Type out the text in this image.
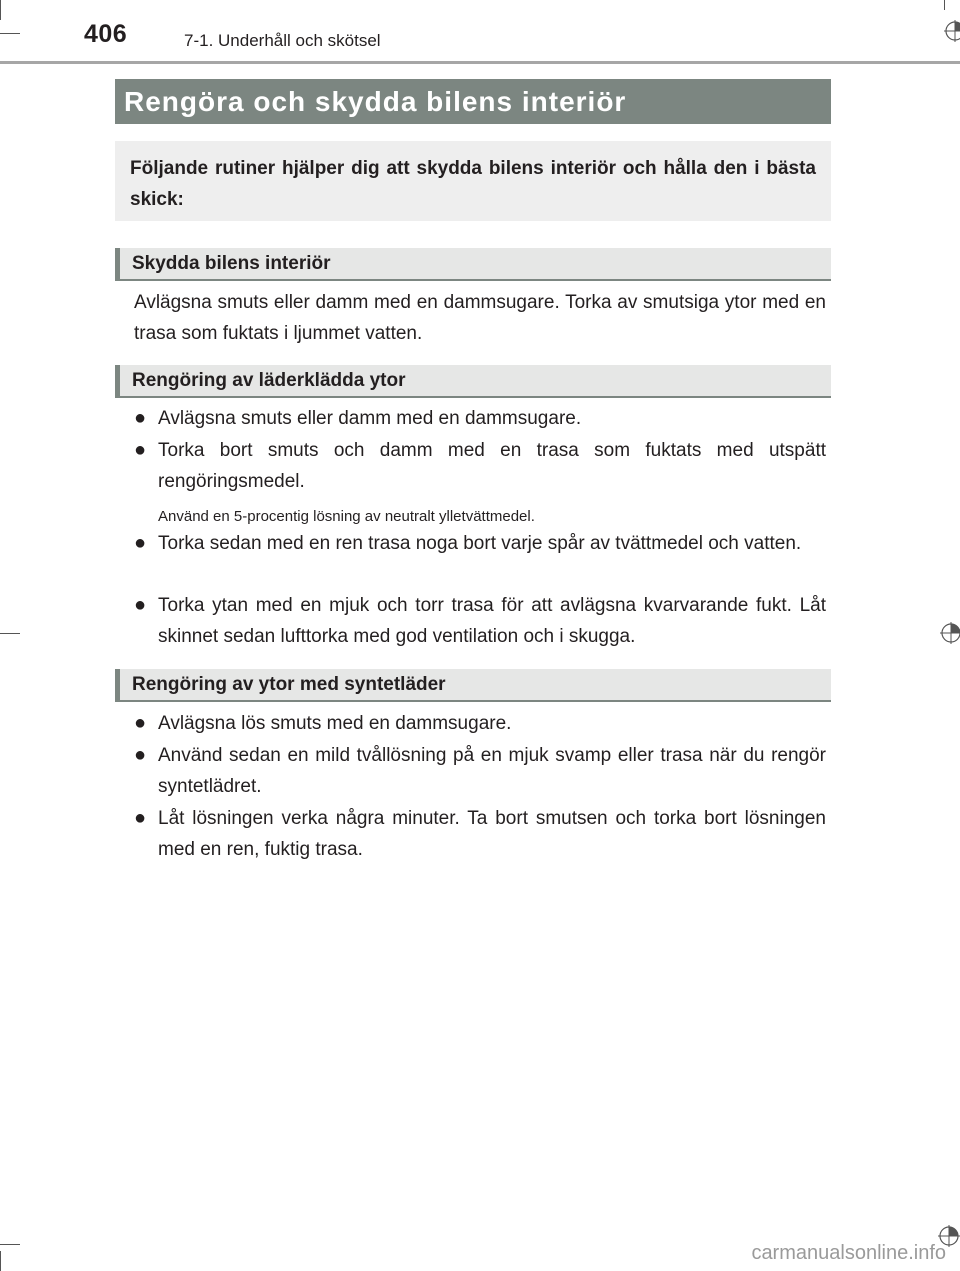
406	7-1. Underhåll och skötsel
Rengöra och skydda bilens interiör
Följande rutiner hjälper dig att skydda bilens interiör och hålla den i bästa skick:
Skydda bilens interiör
Avlägsna smuts eller damm med en dammsugare. Torka av smutsiga ytor med en trasa som fuktats i ljummet vatten.
Rengöring av läderklädda ytor
● Avlägsna smuts eller damm med en dammsugare.
● Torka bort smuts och damm med en trasa som fuktats med utspätt rengöringsmedel.
Använd en 5-procentig lösning av neutralt ylletvättmedel.
● Torka sedan med en ren trasa noga bort varje spår av tvättmedel och vatten.
● Torka ytan med en mjuk och torr trasa för att avlägsna kvarvarande fukt. Låt skinnet sedan lufttorka med god ventilation och i skugga.
Rengöring av ytor med syntetläder
● Avlägsna lös smuts med en dammsugare.
● Använd sedan en mild tvållösning på en mjuk svamp eller trasa när du rengör syntetlädret.
● Låt lösningen verka några minuter. Ta bort smutsen och torka bort lösningen med en ren, fuktig trasa.
carmanualsonline.info
